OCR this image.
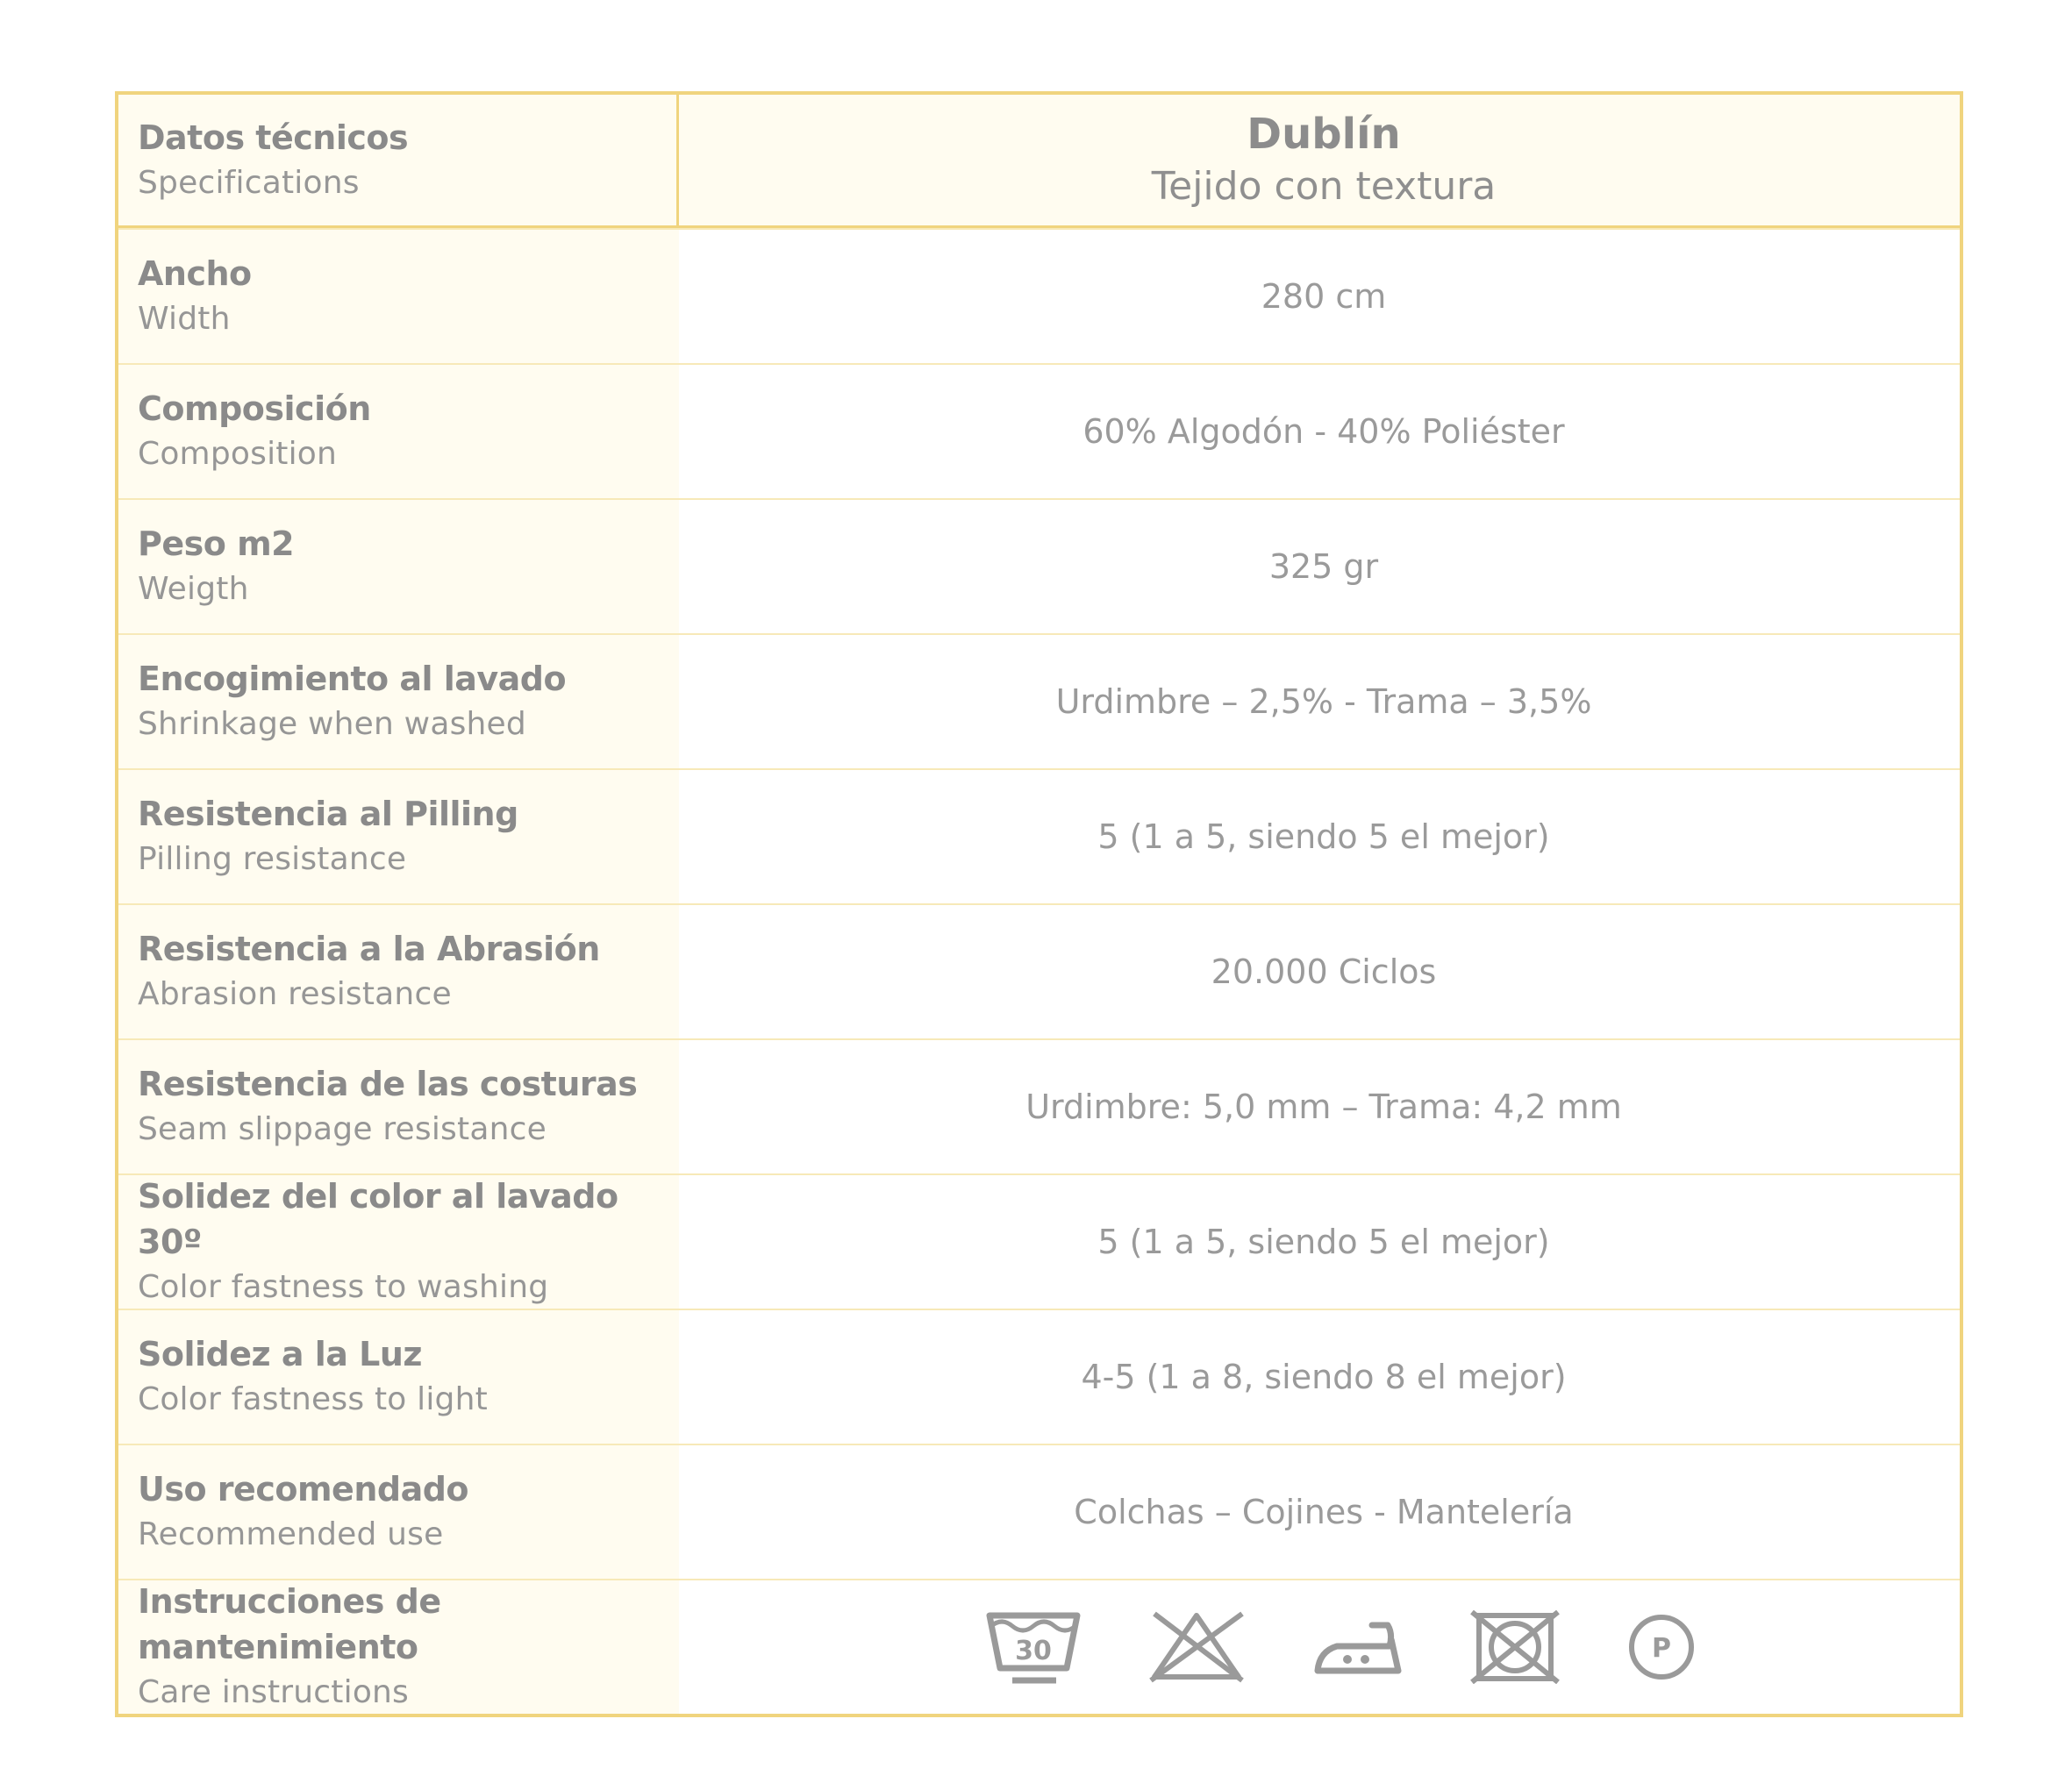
Datos técnicos
Specifications
Dublín
Tejido con textura
Ancho
Width
280 cm
Composición
Composition
60% Algodón - 40% Poliéster
Peso m2
Weigth
325 gr
Encogimiento al lavado
Shrinkage when washed
Urdimbre – 2,5% - Trama – 3,5%
Resistencia al Pilling
Pilling resistance
5 (1 a 5, siendo 5 el mejor)
Resistencia a la Abrasión
Abrasion resistance
20.000 Ciclos
Resistencia de las costuras
Seam slippage resistance
Urdimbre: 5,0 mm – Trama: 4,2 mm
Solidez del color al lavado 30º
Color fastness to washing
5 (1 a 5, siendo 5 el mejor)
Solidez a la Luz
Color fastness to light
4-5 (1 a 8, siendo 8 el mejor)
Uso recomendado
Recommended use
Colchas – Cojines - Mantelería
Instrucciones de mantenimiento
Care instructions
30	P
